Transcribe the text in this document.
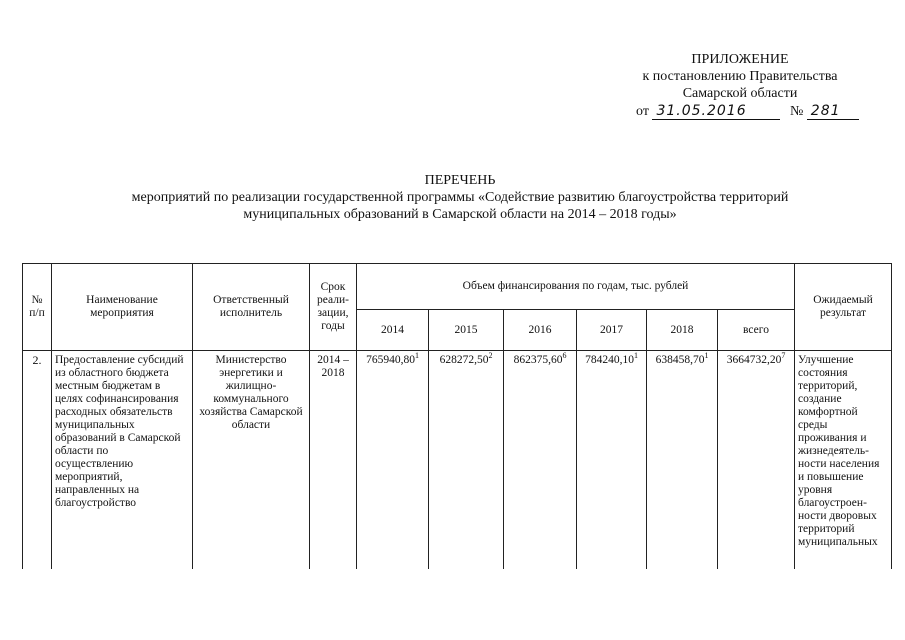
ПРИЛОЖЕНИЕ
к постановлению Правительства
Самарской области
от 31.05.2016	№ 281
ПЕРЕЧЕНЬ
мероприятий по реализации государственной программы «Содействие развитию благоустройства территорий
муниципальных образований в Самарской области на 2014 – 2018 годы»
№ п/п	Наименование мероприятия	Ответственный исполнитель	Срок реали-зации, годы	Объем финансирования по годам, тыс. рублей						Ожидаемый результат
				2014	2015	2016	2017	2018	всего	
2.	Предоставление субсидий из областного бюджета местным бюджетам в целях софинансирования расходных обязательств муниципальных образований в Самарской области по осуществлению мероприятий, направленных на благоустройство	Министерство энергетики и жилищно-коммунального хозяйства Самарской области	2014 – 2018	765940,80$^1$	628272,50$^2$	862375,60$^6$	784240,10$^1$	638458,70$^1$	3664732,20$^7$	Улучшение состояния территорий, создание комфортной среды проживания и жизнедеятель-ности населения и повышение уровня благоустроен-ности дворовых территорий муниципальных
